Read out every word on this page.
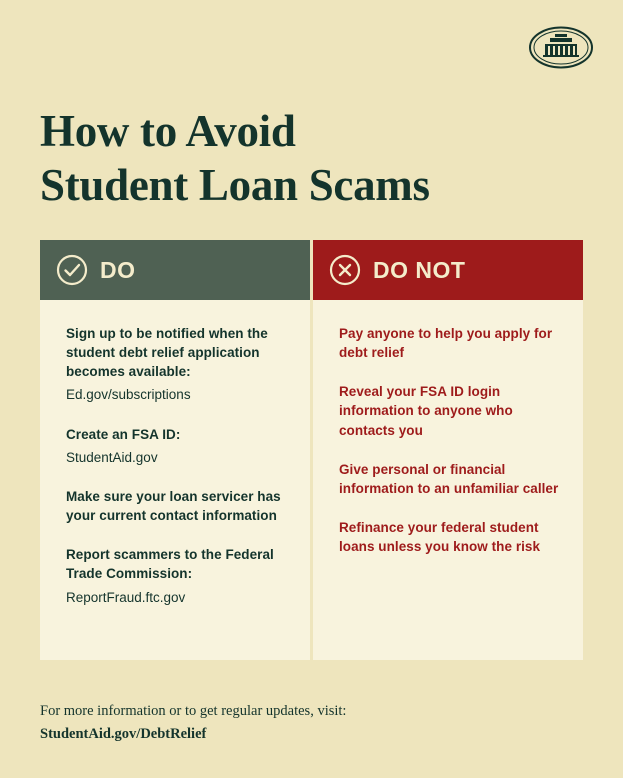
How to Avoid
Student Loan Scams
DO
Sign up to be notified when the student debt relief application becomes available:
Ed.gov/subscriptions
Create an FSA ID:
StudentAid.gov
Make sure your loan servicer has your current contact information
Report scammers to the Federal Trade Commission:
ReportFraud.ftc.gov
DO NOT
Pay anyone to help you apply for debt relief
Reveal your FSA ID login information to anyone who contacts you
Give personal or financial information to an unfamiliar caller
Refinance your federal student loans unless you know the risk
For more information or to get regular updates, visit:
StudentAid.gov/DebtRelief
